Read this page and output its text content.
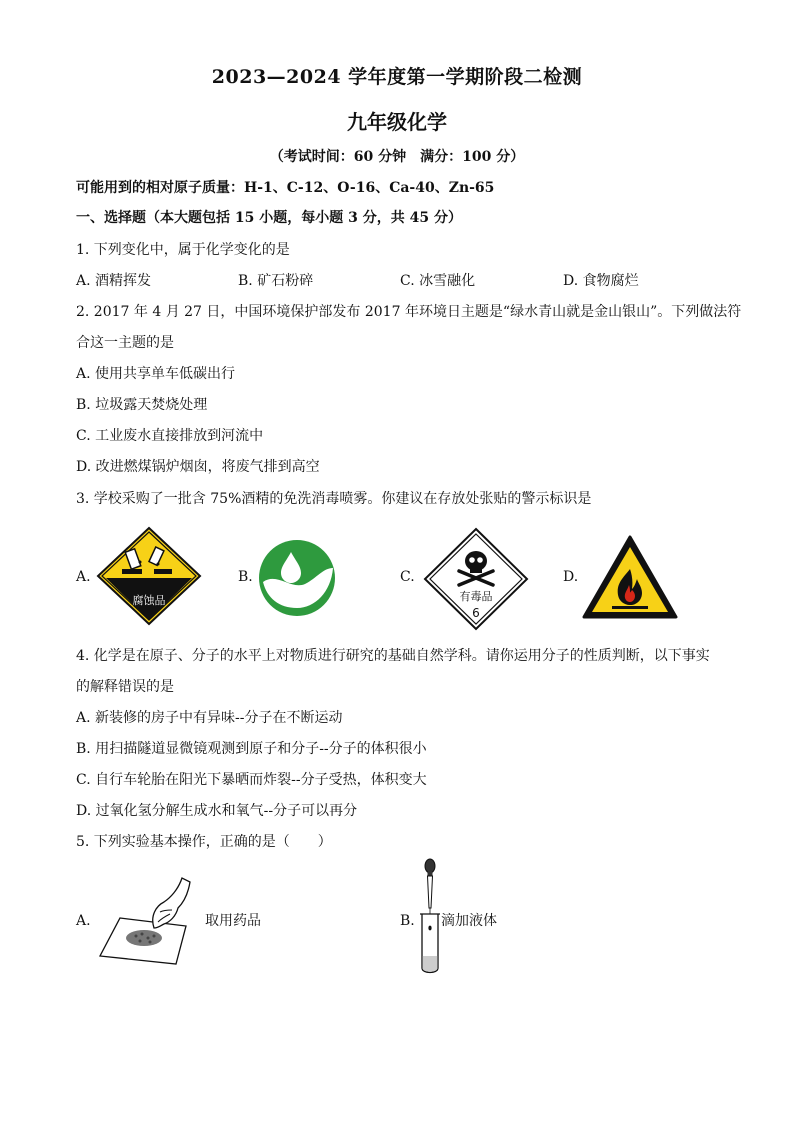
2023—2024 学年度第一学期阶段二检测
九年级化学
（考试时间：60 分钟　满分：100 分）
可能用到的相对原子质量：H-1、C-12、O-16、Ca-40、Zn-65
一、选择题（本大题包括 15 小题，每小题 3 分，共 45 分）
1. 下列变化中，属于化学变化的是
A. 酒精挥发	B. 矿石粉碎	C. 冰雪融化	D. 食物腐烂
2. 2017 年 4 月 27 日，中国环境保护部发布 2017 年环境日主题是“绿水青山就是金山银山”。下列做法符
合这一主题的是
A. 使用共享单车低碳出行
B. 垃圾露天焚烧处理
C. 工业废水直接排放到河流中
D. 改进燃煤锅炉烟囱，将废气排到高空
3. 学校采购了一批含 75%酒精的免洗消毒喷雾。你建议在存放处张贴的警示标识是
A.
腐蚀品
B.	C.
有毒品
6
D.
4. 化学是在原子、分子的水平上对物质进行研究的基础自然学科。请你运用分子的性质判断，以下事实
的解释错误的是
A. 新装修的房子中有异味--分子在不断运动
B. 用扫描隧道显微镜观测到原子和分子--分子的体积很小
C. 自行车轮胎在阳光下暴晒而炸裂--分子受热，体积变大
D. 过氧化氢分解生成水和氧气--分子可以再分
5. 下列实验基本操作，正确的是（　　）
A.	取用药品	B. 滴加液体
